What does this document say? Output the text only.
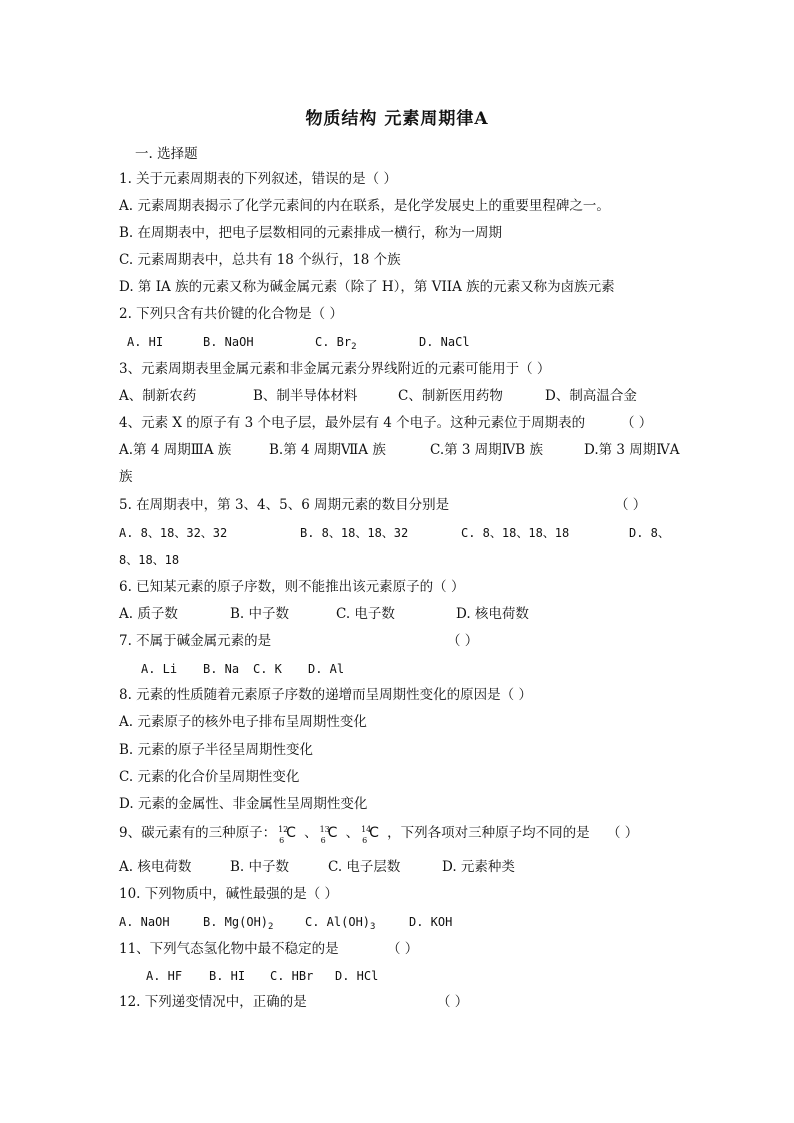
物质结构 元素周期律A
一. 选择题
1. 关于元素周期表的下列叙述，错误的是（ ）
A. 元素周期表揭示了化学元素间的内在联系，是化学发展史上的重要里程碑之一。
B. 在周期表中，把电子层数相同的元素排成一横行，称为一周期
C. 元素周期表中，总共有 18 个纵行，18 个族
D. 第 IA 族的元素又称为碱金属元素（除了 H），第 VIIA 族的元素又称为卤族元素
2. 下列只含有共价键的化合物是（ ）
A. HI	B. NaOH	C. $Br_2$	D. NaCl
3、元素周期表里金属元素和非金属元素分界线附近的元素可能用于（ ）
A、制新农药	B、制半导体材料	C、制新医用药物	D、制高温合金
4、元素 X 的原子有 3 个电子层，最外层有 4 个电子。这种元素位于周期表的	（ ）
A.第 4 周期ⅢA 族	B.第 4 周期ⅦA 族	C.第 3 周期ⅣB 族	D.第 3 周期ⅣA
族
5. 在周期表中，第 3、4、5、6 周期元素的数目分别是	（ ）
A. 8、18、32、32	B. 8、18、18、32	C. 8、18、18、18	D. 8、
8、18、18
6. 已知某元素的原子序数，则不能推出该元素原子的（ ）
A. 质子数	B. 中子数	C. 电子数	D. 核电荷数
7. 不属于碱金属元素的是	（ ）
A. Li B. Na C. K D. Al
8. 元素的性质随着元素原子序数的递增而呈周期性变化的原因是（ ）
A. 元素原子的核外电子排布呈周期性变化
B. 元素的原子半径呈周期性变化
C. 元素的化合价呈周期性变化
D. 元素的金属性、非金属性呈周期性变化
9、碳元素有的三种原子： 12
6 C 、 13
6 C 、 14
6 C ，下列各项对三种原子均不同的是 （ ）
A. 核电荷数	B. 中子数	C. 电子层数	D. 元素种类
10. 下列物质中，碱性最强的是（ ）
A. NaOH	B. $Mg(OH)_2$	C. $Al(OH)_3$	D. KOH
11、下列气态氢化物中最不稳定的是	（ ）
A. HF B. HI C. HBr D. HCl
12. 下列递变情况中，正确的是	（ ）
